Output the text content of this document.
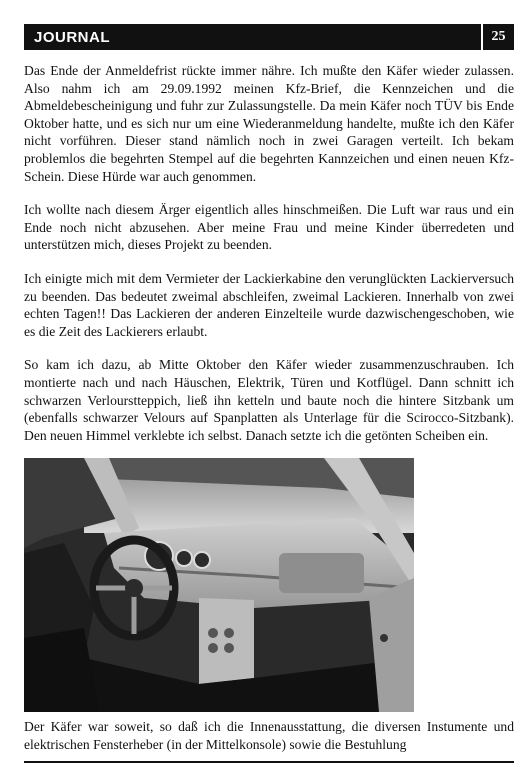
JOURNAL	25

Das Ende der Anmeldefrist rückte immer nähre. Ich mußte den Käfer wieder zulassen. Also nahm ich am 29.09.1992 meinen Kfz-Brief, die Kennzeichen und die Abmeldebescheinigung und fuhr zur Zulassungstelle. Da mein Käfer noch TÜV bis Ende Oktober hatte, und es sich nur um eine Wiederanmeldung handelte, mußte ich den Käfer nicht vorführen. Dieser stand nämlich noch in zwei Garagen verteilt. Ich bekam problemlos die begehrten Stempel auf die begehrten Kannzeichen und einen neuen Kfz-Schein. Diese Hürde war auch genommen.

Ich wollte nach diesem Ärger eigentlich alles hinschmeißen. Die Luft war raus und ein Ende noch nicht abzusehen. Aber meine Frau und meine Kinder überredeten und unterstützen mich, dieses Projekt zu beenden.

Ich einigte mich mit dem Vermieter der Lackierkabine den verunglückten Lackierversuch zu beenden. Das bedeutet zweimal abschleifen, zweimal Lackieren. Innerhalb von zwei echten Tagen!! Das Lackieren der anderen Einzelteile wurde dazwischengeschoben, wie es die Zeit des Lackierers erlaubt.

So kam ich dazu, ab Mitte Oktober den Käfer wieder zusammenzuschrauben. Ich montierte nach und nach Häuschen, Elektrik, Türen und Kotflügel. Dann schnitt ich schwarzen Verlourstteppich, ließ ihn ketteln und baute noch die hintere Sitzbank um (ebenfalls schwarzer Velours auf Spanplatten als Unterlage für die Scirocco-Sitzbank). Den neuen Himmel verklebte ich selbst. Danach setzte ich die getönten Scheiben ein.

Der Käfer war soweit, so daß ich die Innenausstattung, die diversen Instumente und elektrischen Fensterheber (in der Mittelkonsole) sowie die Bestuhlung
